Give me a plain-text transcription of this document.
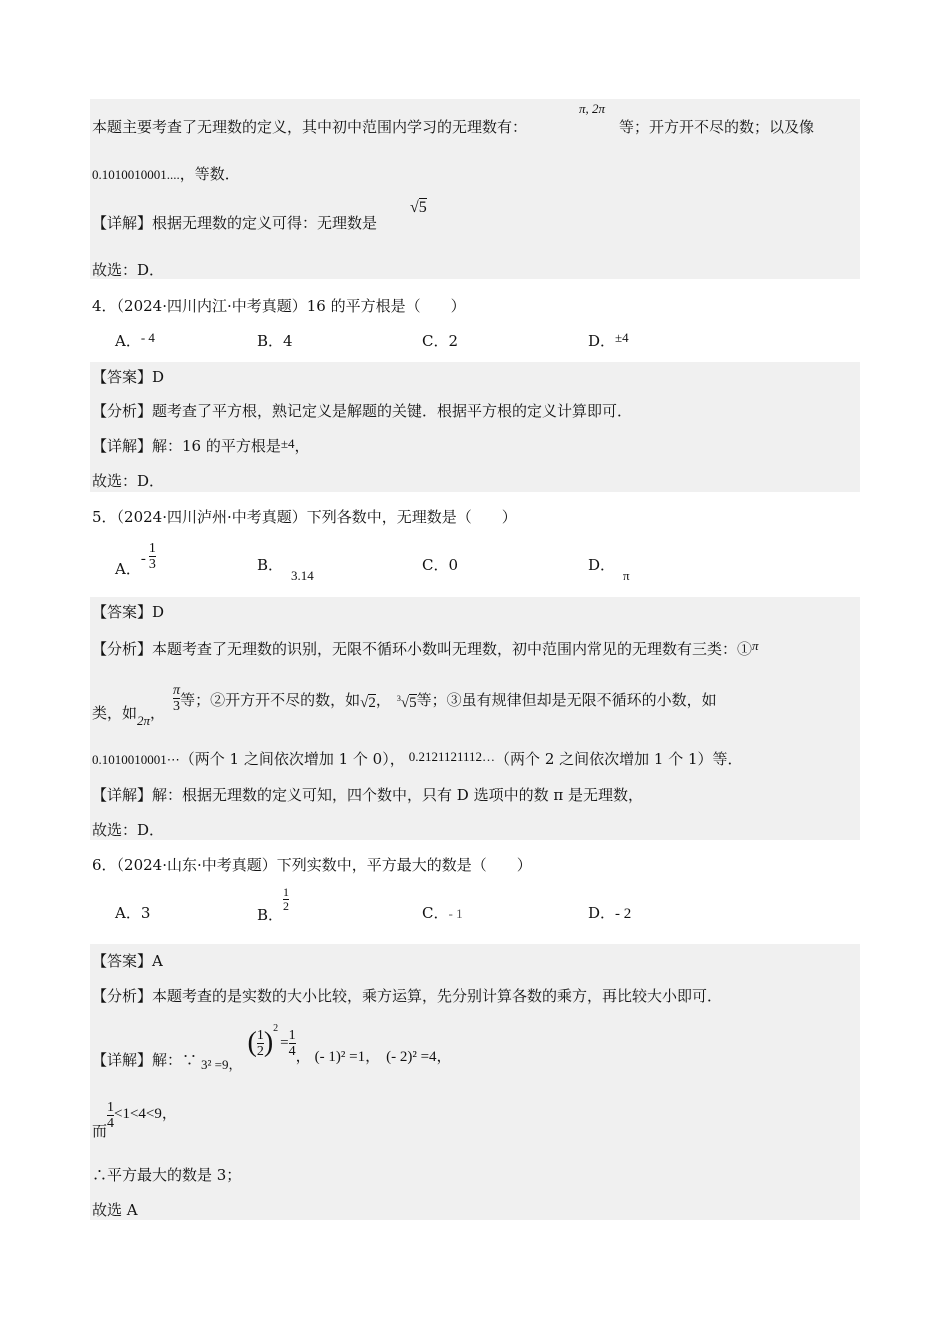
本题主要考查了无理数的定义，其中初中范围内学习的无理数有：
π, 2π
等；开方开不尽的数；以及像
0.1010010001....，等数．
【详解】根据无理数的定义可得：无理数是
√5
故选：D．
4．（2024·四川内江·中考真题）16 的平方根是（　　）
A．- 4	B．4	C．2	D．±4
【答案】D
【分析】题考查了平方根，熟记定义是解题的关键．根据平方根的定义计算即可．
【详解】解：16 的平方根是±4，
故选：D．
5．（2024·四川泸州·中考真题）下列各数中，无理数是（　　）
A．- $\frac{1}{3}$	B．3.14
C．0	D．π
【答案】D
【分析】本题考查了无理数的识别，无限不循环小数叫无理数，初中范围内常见的无理数有三类：①π
类，如2π， $\frac{\pi}{3}$ 等；②开方开不尽的数，如√2， $^3$√5等；③虽有规律但却是无限不循环的小数，如
0.1010010001⋯（两个 1 之间依次增加 1 个 0）， 0.2121121112…（两个 2 之间依次增加 1 个 1）等．
【详解】解：根据无理数的定义可知，四个数中，只有 D 选项中的数 π 是无理数，
故选：D．
6．（2024·山东·中考真题）下列实数中，平方最大的数是（　　）
A．3	B．
$\frac{1}{2}$	C．- 1	D．- 2
【答案】A
【分析】本题考查的是实数的大小比较，乘方运算，先分别计算各数的乘方，再比较大小即可．
【详解】解：∵ 3² =9，( $\frac{1}{2} )^2= \frac{1}{4}$ ， (- 1)² =1， (- 2)² =4，
而 $\frac{1}{4} <1<4<9$，
∴平方最大的数是 3；
故选 A
